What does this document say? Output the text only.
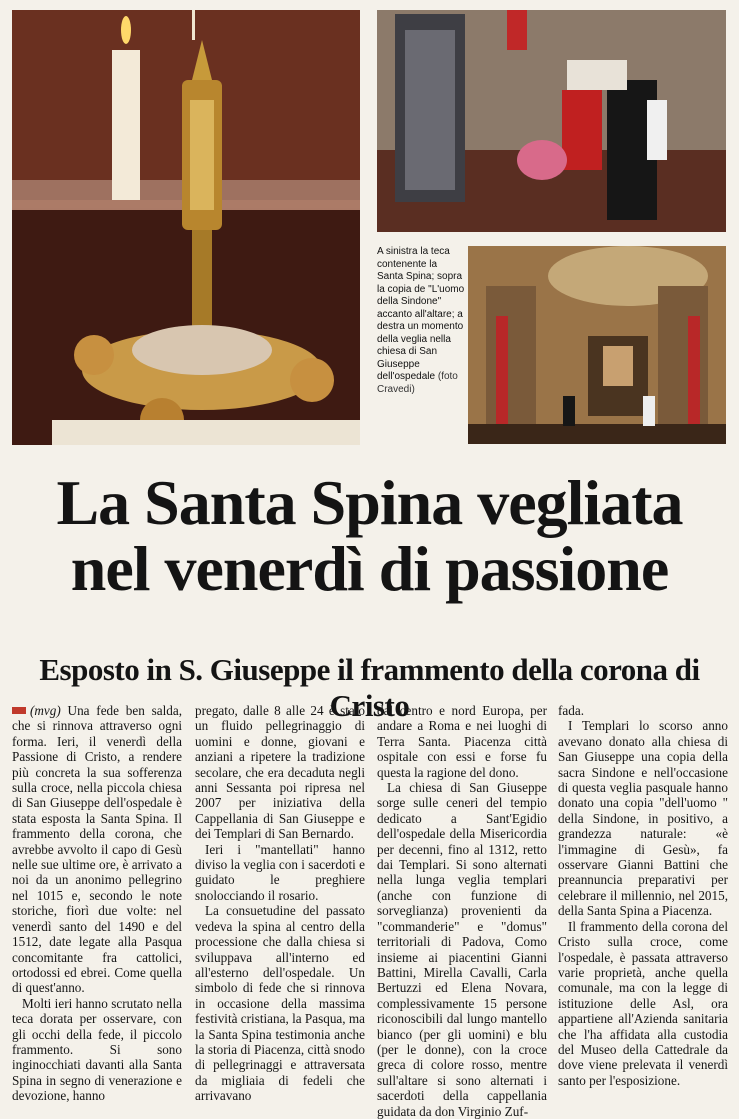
A sinistra la teca contenente la Santa Spina; sopra la copia de "L'uomo della Sindone" accanto all'altare; a destra un momento della veglia nella chiesa di San Giuseppe dell'ospedale (foto Cravedi)
La Santa Spina vegliata nel venerdì di passione
Esposto in S. Giuseppe il frammento della corona di Cristo

(mvg) Una fede ben salda, che si rinnova attraverso ogni forma. Ieri, il venerdì della Passione di Cristo, a rendere più concreta la sua sofferenza sulla croce, nella piccola chiesa di San Giuseppe dell'ospedale è stata esposta la Santa Spina. Il frammento della corona, che avrebbe avvolto il capo di Gesù nelle sue ultime ore, è arrivato a noi da un anonimo pellegrino nel 1015 e, secondo le note storiche, fiorì due volte: nel venerdì santo del 1490 e del 1512, date legate alla Pasqua concomitante fra cattolici, ortodossi ed ebrei. Come quella di quest'anno.

Molti ieri hanno scrutato nella teca dorata per osservare, con gli occhi della fede, il piccolo frammento. Si sono inginocchiati davanti alla Santa Spina in segno di venerazione e devozione, hanno

pregato, dalle 8 alle 24 è stato un fluido pellegrinaggio di uomini e donne, giovani e anziani a ripetere la tradizione secolare, che era decaduta negli anni Sessanta poi ripresa nel 2007 per iniziativa della Cappellania di San Giuseppe e dei Templari di San Bernardo.

Ieri i "mantellati" hanno diviso la veglia con i sacerdoti e guidato le preghiere snolocciando il rosario.

La consuetudine del passato vedeva la spina al centro della processione che dalla chiesa si sviluppava all'interno ed all'esterno dell'ospedale. Un simbolo di fede che si rinnova in occasione della massima festività cristiana, la Pasqua, ma la Santa Spina testimonia anche la storia di Piacenza, città snodo di pellegrinaggi e attraversata da migliaia di fedeli che arrivavano

dal centro e nord Europa, per andare a Roma e nei luoghi di Terra Santa. Piacenza città ospitale con essi e forse fu questa la ragione del dono.

La chiesa di San Giuseppe sorge sulle ceneri del tempio dedicato a Sant'Egidio dell'ospedale della Misericordia per decenni, fino al 1312, retto dai Templari. Si sono alternati nella lunga veglia templari (anche con funzione di sorveglianza) provenienti da "commanderie" e "domus" territoriali di Padova, Como insieme ai piacentini Gianni Battini, Mirella Cavalli, Carla Bertuzzi ed Elena Novara, complessivamente 15 persone riconoscibili dal lungo mantello bianco (per gli uomini) e blu (per le donne), con la croce greca di colore rosso, mentre sull'altare si sono alternati i sacerdoti della cappellania guidata da don Virginio Zuf-

fada.

I Templari lo scorso anno avevano donato alla chiesa di San Giuseppe una copia della sacra Sindone e nell'occasione di questa veglia pasquale hanno donato una copia "dell'uomo " della Sindone, in positivo, a grandezza naturale: «è l'immagine di Gesù», fa osservare Gianni Battini che preannuncia preparativi per celebrare il millennio, nel 2015, della Santa Spina a Piacenza.

Il frammento della corona del Cristo sulla croce, come l'ospedale, è passata attraverso varie proprietà, anche quella comunale, ma con la legge di istituzione delle Asl, ora appartiene all'Azienda sanitaria che l'ha affidata alla custodia del Museo della Cattedrale da dove viene prelevata il venerdì santo per l'esposizione.
